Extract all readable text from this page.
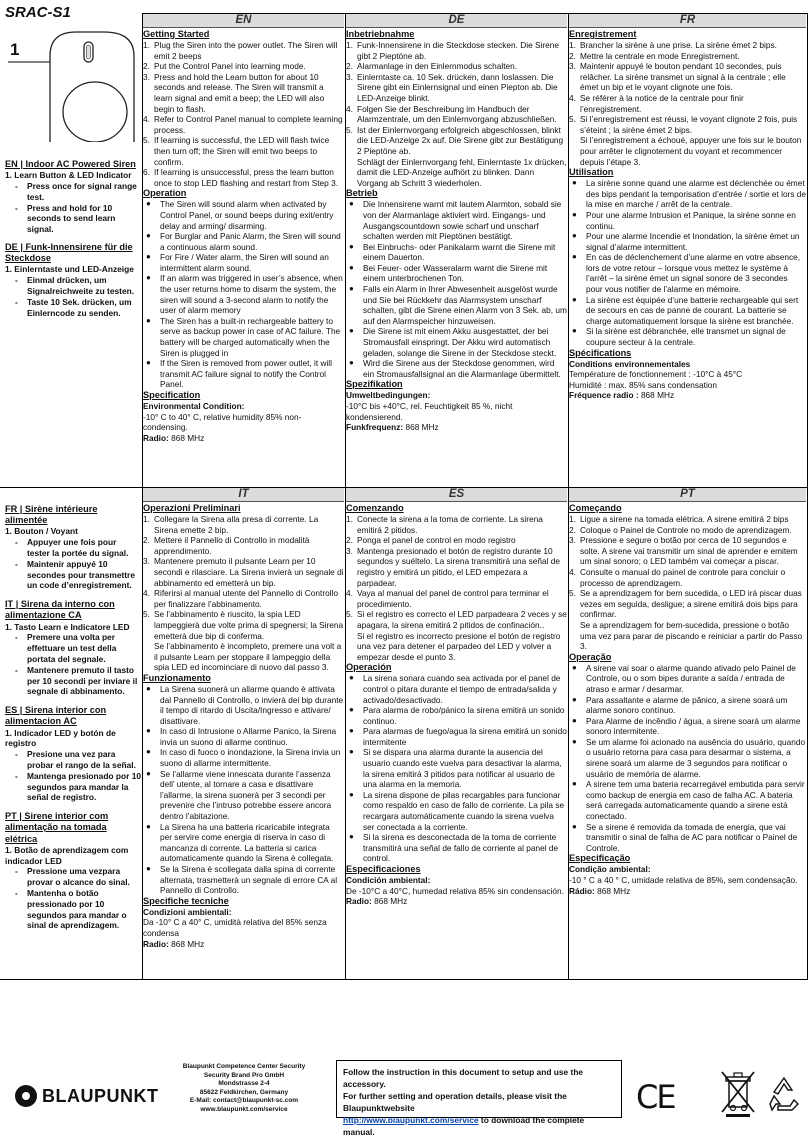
SRAC-S1
1
EN | Indoor AC Powered Siren
1. Learn Button & LED Indicator
- Press once for signal range test.
- Press and hold for 10 seconds to send learn signal.
DE | Funk-Innensirene für die Steckdose
1. Einlerntaste und LED-Anzeige
- Einmal drücken, um Signalreichweite zu testen.
- Taste 10 Sek. drücken, um Einlerncode zu senden.
FR | Sirène intérieure alimentée
1. Bouton / Voyant
- Appuyer une fois pour tester la portée du signal.
- Maintenir appuyé 10 secondes pour transmettre un code d’enregistrement.
IT | Sirena da interno con alimentazione CA
1. Tasto Learn e Indicatore LED
- Premere una volta per effettuare un test della portata del segnale.
- Mantenere premuto il tasto per 10 secondi per inviare il segnale di abbinamento.
ES | Sirena interior con alimentacion AC
1. Indicador LED y botón de registro
- Presione una vez para probar el rango de la señal.
- Mantenga presionado por 10 segundos para mandar la señal de registro.
PT | Sirene interior com alimentação na tomada elétrica
1. Botão de aprendizagem com indicador LED
- Pressione uma vezpara provar o alcance do sinal.
- Mantenha o botão pressionado por 10 segundos para mandar o sinal de aprendizagem.
EN
Getting Started
1. Plug the Siren into the power outlet. The Siren will emit 2 beeps
2. Put the Control Panel into learning mode.
3. Press and hold the Learn button for about 10 seconds and release. The Siren will transmit a learn signal and emit a beep; the LED will also begin to flash.
4. Refer to Control Panel manual to complete learning process.
5. If learning is successful, the LED will flash twice then turn off; the Siren will emit two beeps to confirm.
6. If learning is unsuccessful, press the learn button once to stop LED flashing and restart from Step 3.
Operation
● The Siren will sound alarm when activated by Control Panel, or sound beeps during exit/entry delay and arming/ disarming.
● For Burglar and Panic Alarm, the Siren will sound a continuous alarm sound.
● For Fire / Water alarm, the Siren will sound an intermittent alarm sound.
● If an alarm was triggered in user’s absence, when the user returns home to disarm the system, the siren will sound a 3-second alarm to notify the user of alarm memory
● The Siren has a built-in rechargeable battery to serve as backup power in case of AC failure. The battery will be charged automatically when the Siren is plugged in
● If the Siren is removed from power outlet, it will transmit AC failure signal to notify the Control Panel.
Specification
Environmental Condition:
-10° C to 40° C, relative humidity 85% non-condensing.
Radio: 868 MHz
DE
Inbetriebnahme
1. Funk-Innensirene in die Steckdose stecken. Die Sirene gibt 2 Pieptöne ab.
2. Alarmanlage in den Einlernmodus schalten.
3. Einlerntaste ca. 10 Sek. drücken, dann loslassen. Die Sirene gibt ein Einlernsignal und einen Piepton ab. Die LED-Anzeige blinkt.
4. Folgen Sie der Beschreibung im Handbuch der Alarmzentrale, um den Einlernvorgang abzuschließen.
5. Ist der Einlernvorgang erfolgreich abgeschlossen, blinkt die LED-Anzeige 2x auf. Die Sirene gibt zur Bestätigung 2 Pieptöne ab.
Schlägt der Einlernvorgang fehl, Einlerntaste 1x drücken, damit die LED-Anzeige aufhört zu blinken. Dann Vorgang ab Schritt 3 wiederholen.
Betrieb
● Die Innensirene warnt mit lautem Alarmton, sobald sie von der Alarmanlage aktiviert wird. Eingangs- und Ausgangscountdown sowie scharf und unscharf schalten werden mit Pieptönen bestätigt.
● Bei Einbruchs- oder Panikalarm warnt die Sirene mit einem Dauerton.
● Bei Feuer- oder Wasseralarm warnt die Sirene mit einem unterbrochenen Ton.
● Falls ein Alarm in Ihrer Abwesenheit ausgelöst wurde und Sie bei Rückkehr das Alarmsystem unscharf schalten, gibt die Sirene einen Alarm von 3 Sek. ab, um auf den Alarmspeicher hinzuweisen.
● Die Sirene ist mit einem Akku ausgestattet, der bei Stromausfall einspringt. Der Akku wird automatisch geladen, solange die Sirene in der Steckdose steckt.
● Wird die Sirene aus der Steckdose genommen, wird ein Stromausfallsignal an die Alarmanlage übermittelt.
Spezifikation
Umweltbedingungen:
-10°C bis +40°C, rel. Feuchtigkeit 85 %, nicht kondensierend.
Funkfrequenz: 868 MHz
FR
Enregistrement
1. Brancher la sirène à une prise. La sirène émet 2 bips.
2. Mettre la centrale en mode Enregistrement.
3. Maintenir appuyé le bouton pendant 10 secondes, puis relâcher. La sirène transmet un signal à la centrale ; elle émet un bip et le voyant clignote une fois.
4. Se référer à la notice de la centrale pour finir l’enregistrement.
5. Si l’enregistrement est réussi, le voyant clignote 2 fois, puis s’éteint ; la sirène émet 2 bips.
Si l’enregistrement a échoué, appuyer une fois sur le bouton pour arrêter le clignotement du voyant et recommencer depuis l’étape 3.
Utilisation
● La sirène sonne quand une alarme est déclenchée ou émet des bips pendant la temporisation d’entrée / sortie et lors de la mise en marche / arrêt de la centrale.
● Pour une alarme Intrusion et Panique, la sirène sonne en continu.
● Pour une alarme Incendie et Inondation, la sirène émet un signal d’alarme intermittent.
● En cas de déclenchement d’une alarme en votre absence, lors de votre retour – lorsque vous mettez le système à l’arrêt – la sirène émet un signal sonore de 3 secondes pour vous notifier de l’alarme en mémoire.
● La sirène est équipée d’une batterie rechargeable qui sert de secours en cas de panne de courant. La batterie se charge automatiquement lorsque la sirène est branchée.
● Si la sirène est débranchée, elle transmet un signal de coupure secteur à la centrale.
Spécifications
Conditions environnementales
Température de fonctionnement : -10°C à 45°C
Humidité : max. 85% sans condensation
Fréquence radio : 868 MHz
IT
Operazioni Preliminari
1. Collegare la Sirena alla presa di corrente. La Sirena emette 2 bip.
2. Mettere il Pannello di Controllo in modalità apprendimento.
3. Mantenere premuto il pulsante Learn per 10 secondi e rilasciare. La Sirena invierà un segnale di abbinamento ed emetterà un bip.
4. Riferirsi al manual utente del Pannello di Controllo per finalizzare l’abbinamento.
5. Se l’abbinamento è riuscito, la spia LED lampeggierà due volte prima di spegnersi; la Sirena emetterà due bip di conferma.
Se l’abbinamento è incompleto, premere una volt a il pulsante Learn per stoppare il lampeggio della spia LED ed incominciare di nuovo dal passo 3.
Funzionamento
● La Sirena suonerà un allarme quando è attivata dal Pannello di Controllo, o invierà dei bip durante il tempo di ritardo di Uscita/Ingresso e attivare/ disattivare.
● In caso di Intrusione o Allarme Panico, la Sirena invia un suono di allarme continuo.
● In caso di fuoco o inondazione, la Sirena invia un suono di allarme intermittente.
● Se l’allarme viene innescata durante l’assenza dell’ utente, al tornare a casa e disattivare l’allarme, la sirena suonerà per 3 secondi per prevenire che l’intruso potrebbe essere ancora dentro l’abitazione.
● La Sirena ha una batteria ricaricabile integrata per servire come energia di riserva in caso di mancanza di corrente. La batteria si carica automaticamente quando la Sirena è collegata.
● Se la Sirena è scollegata dalla spina di corrente alternata, trasmetterà un segnale di errore CA al Pannello di Controllo.
Specifiche tecniche
Condizioni ambientali:
Da -10° C a 40° C, umidità relativa del 85% senza condensa
Radio: 868 MHz
ES
Comenzando
1. Conecte la sirena a la toma de corriente. La sirena emitirá 2 pitidos.
2. Ponga el panel de control en modo registro
3. Mantenga presionado el botón de registro durante 10 segundos y suéltelo. La sirena transmitirá una señal de registro y emitirá un pitido, el LED empezara a parpadear.
4. Vaya al manual del panel de control para terminar el procedimiento.
5. Si el registro es correcto el LED parpadeara 2 veces y se apagara, la sirena emitirá 2 pitidos de confinación..
Si el registro es incorrecto presione el botón de registro una vez para detener el parpadeo del LED y volver a empezar desde el punto 3.
Operación
● La sirena sonara cuando sea activada por el panel de control o pitara durante el tiempo de entrada/salida y activado/desactivado.
● Para alarma de robo/pánico la sirena emitirá un sonido continuo.
● Para alarmas de fuego/agua la sirena emitirá un sonido intermitente
● Si se dispara una alarma durante la ausencia del usuario cuando este vuelva para desactivar la alarma, la sirena emitirá 3 pitidos para notificar al usuario de una alarma en la memoria.
● La sirena dispone de pilas recargables para funcionar como respaldo en caso de fallo de corriente. La pila se recargara automáticamente cuando la sirena vuelva ser conectada a la corriente.
● Si la sirena es desconectada de la toma de corriente transmitirá una señal de fallo de corriente al panel de control.
Especificaciones
Condición ambiental:
De -10°C a 40°C, humedad relativa 85% sin condensación.
Radio: 868 MHz
PT
Começando
1. Ligue a sirene na tomada elétrica. A sirene emitirá 2 bips
2. Coloque o Painel de Controle no modo de aprendizagem.
3. Pressione e segure o botão por cerca de 10 segundos e solte. A sirene vai transmitir um sinal de aprender e emitem um sinal sonoro; o LED também vai começar a piscar.
4. Consulte o manual do painel de controle para concluir o processo de aprendizagem.
5. Se a aprendizagem for bem sucedida, o LED irá piscar duas vezes em seguida, desligue; a sirene emitirá dois bips para confirmar.
Se a aprendizagem for bem-sucedida, pressione o botão uma vez para parar de piscando e reiniciar a partir do Passo 3.
Operação
● A sirene vai soar o alarme quando ativado pelo Painel de Controle, ou o som bipes durante a saída / entrada de atraso e armar / desarmar.
● Para assaltante e alarme de pânico, a sirene soará um alarme sonoro contínuo.
● Para Alarme de incêndio / água, a sirene soará um alarme sonoro intermitente.
● Se um alarme foi acionado na ausência do usuário, quando o usuário retorna para casa para desarmar o sistema, a sirene soará um alarme de 3 segundos para notificar o usuário de memória de alarme.
● A sirene tem uma bateria recarregável embutida para servir como backup de energia em caso de falha AC. A bateria será carregada automaticamente quando a sirene está conectado.
● Se a sirene é removida da tomada de energia, que vai transmitir o sinal de falha de AC para notificar o Painel de Controle.
Especificação
Condição ambiental:
-10 ° C a 40 ° C, umidade relativa de 85%, sem condensação.
Rádio: 868 MHz
BLAUPUNKT
Blaupunkt Competence Center Security
Security Brand Pro GmbH
Mondstrasse 2-4
85622 Feldkirchen, Germany
E-Mail: contact@blaupunkt-sc.com
www.blaupunkt.com/service
Follow the instruction in this document to setup and use the accessory.
For further setting and operation details, please visit the Blaupunktwebsite
http://www.blaupunkt.com/service to download the complete manual.
CE
